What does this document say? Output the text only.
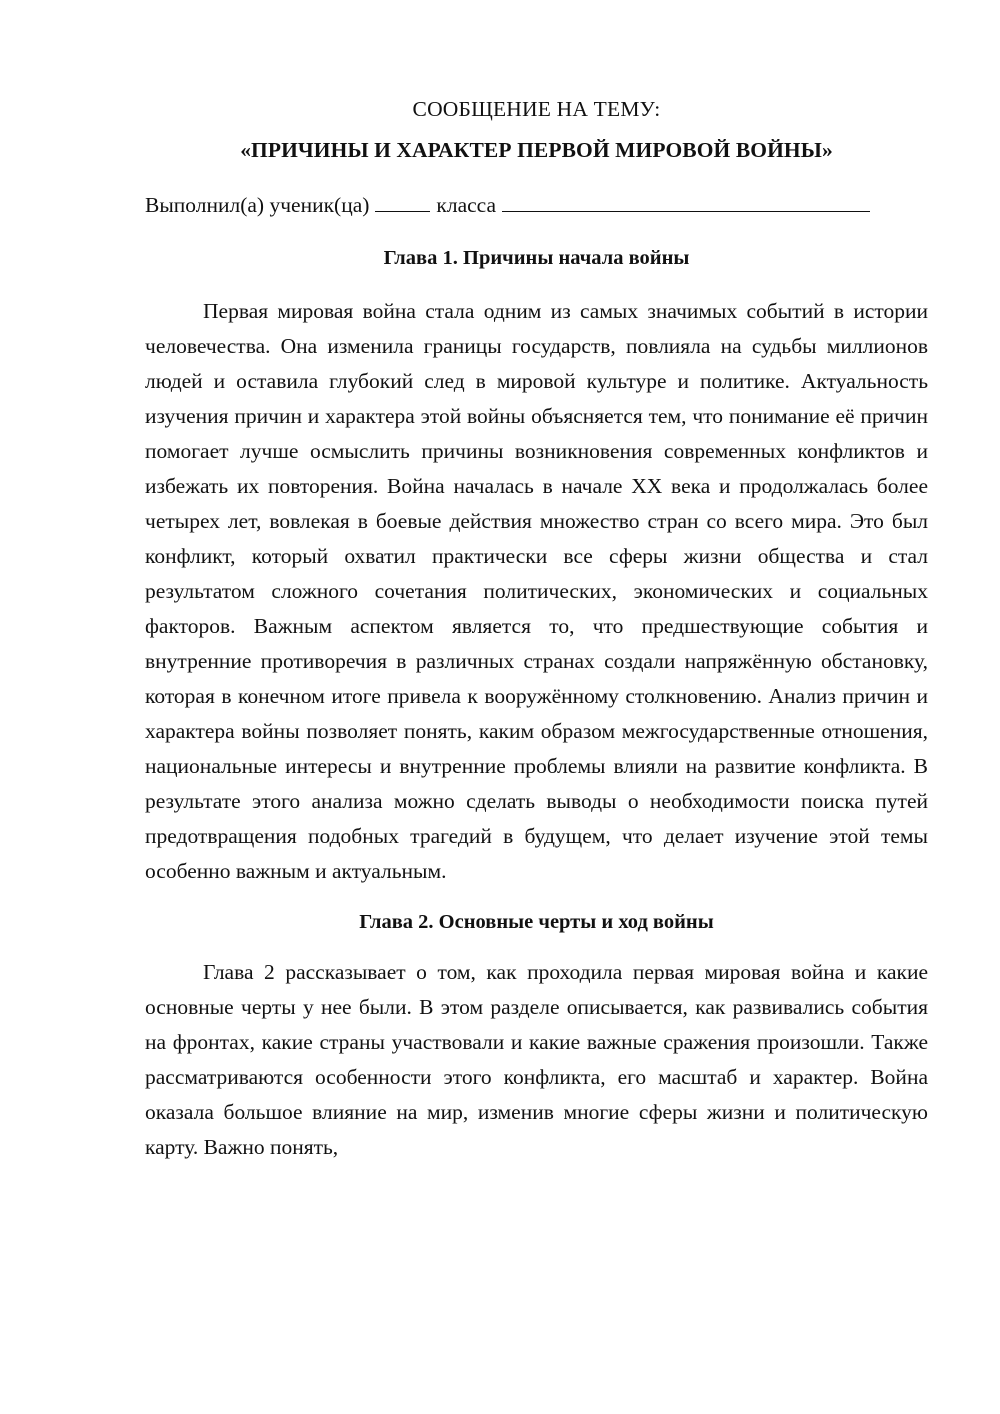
СООБЩЕНИЕ НА ТЕМУ:

«ПРИЧИНЫ И ХАРАКТЕР ПЕРВОЙ МИРОВОЙ ВОЙНЫ»

Выполнил(а) ученик(ца)	класса

Глава 1. Причины начала войны

Первая мировая война стала одним из самых значимых событий в истории человечества. Она изменила границы государств, повлияла на судьбы миллионов людей и оставила глубокий след в мировой культуре и политике. Актуальность изучения причин и характера этой войны объясняется тем, что понимание её причин помогает лучше осмыслить причины возникновения современных конфликтов и избежать их повторения. Война началась в начале XX века и продолжалась более четырех лет, вовлекая в боевые действия множество стран со всего мира. Это был конфликт, который охватил практически все сферы жизни общества и стал результатом сложного сочетания политических, экономических и социальных факторов. Важным аспектом является то, что предшествующие события и внутренние противоречия в различных странах создали напряжённую обстановку, которая в конечном итоге привела к вооружённому столкновению. Анализ причин и характера войны позволяет понять, каким образом межгосударственные отношения, национальные интересы и внутренние проблемы влияли на развитие конфликта. В результате этого анализа можно сделать выводы о необходимости поиска путей предотвращения подобных трагедий в будущем, что делает изучение этой темы особенно важным и актуальным.

Глава 2. Основные черты и ход войны

Глава 2 рассказывает о том, как проходила первая мировая война и какие основные черты у нее были. В этом разделе описывается, как развивались события на фронтах, какие страны участвовали и какие важные сражения произошли. Также рассматриваются особенности этого конфликта, его масштаб и характер. Война оказала большое влияние на мир, изменив многие сферы жизни и политическую карту. Важно понять,
